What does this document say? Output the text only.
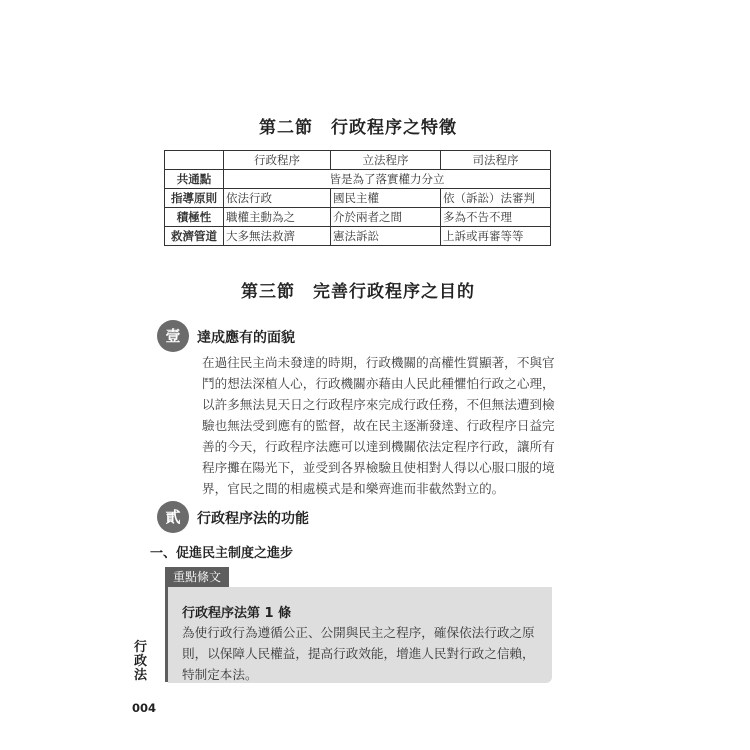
第二節 行政程序之特徵
	行政程序	立法程序	司法程序
共通點	皆是為了落實權力分立		
指導原則	依法行政	國民主權	依（訴訟）法審判
積極性	職權主動為之	介於兩者之間	多為不告不理
救濟管道	大多無法救濟	憲法訴訟	上訴或再審等等
第三節 完善行政程序之目的
壹	達成應有的面貌
在過往民主尚未發達的時期，行政機關的高權性質顯著，不與官
鬥的想法深植人心，行政機關亦藉由人民此種懼怕行政之心理，
以許多無法見天日之行政程序來完成行政任務，不但無法遭到檢
驗也無法受到應有的監督，故在民主逐漸發達、行政程序日益完
善的今天，行政程序法應可以達到機關依法定程序行政，讓所有
程序攤在陽光下，並受到各界檢驗且使相對人得以心服口服的境
界，官民之間的相處模式是和樂齊進而非截然對立的。
貳	行政程序法的功能
一、促進民主制度之進步
重點條文
行政程序法第 1 條
為使行政行為遵循公正、公開與民主之程序，確保依法行政之原
則，以保障人民權益，提高行政效能，增進人民對行政之信賴，
特制定本法。
行
政
法
004
